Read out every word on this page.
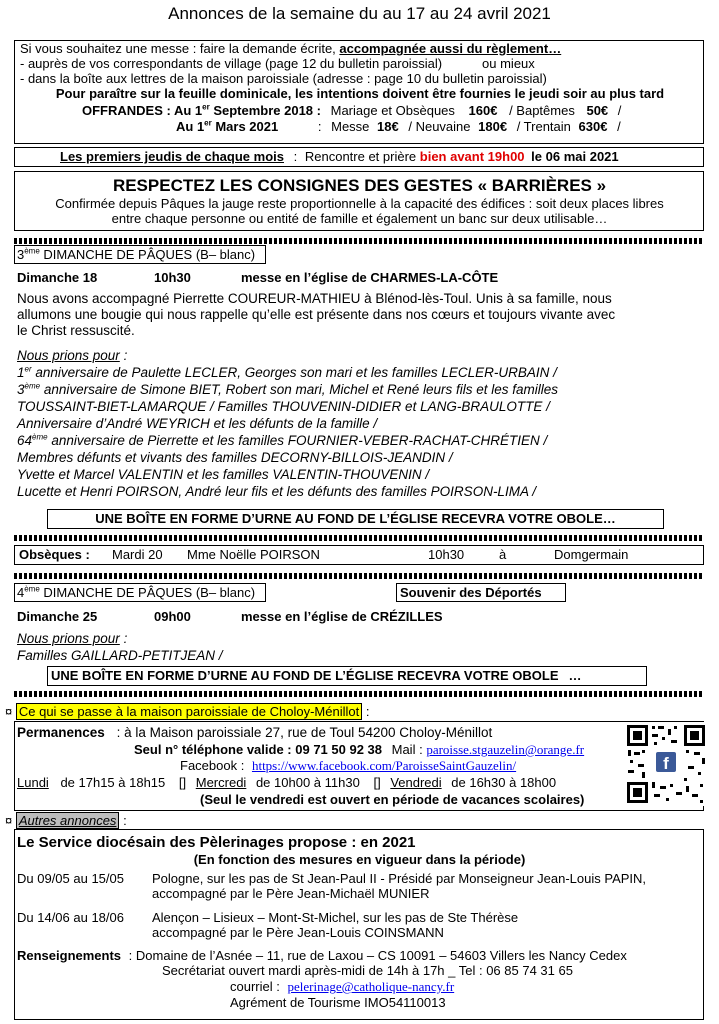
Annonces de la semaine du au 17 au 24 avril 2021
Si vous souhaitez une messe : faire la demande écrite, accompagnée aussi du règlement…
- auprès de vos correspondants de village (page 12 du bulletin paroissial)	ou mieux
- dans la boîte aux lettres de la maison paroissiale (adresse : page 10 du bulletin paroissial)
Pour paraître sur la feuille dominicale, les intentions doivent être fournies le jeudi soir au plus tard
OFFRANDES : Au 1er Septembre 2018 : Mariage et Obsèques 160€ / Baptêmes 50€ /
Au 1er Mars 2021	: Messe 18€ / Neuvaine 180€ / Trentain 630€ /
Les premiers jeudis de chaque mois : Rencontre et prière bien avant 19h00 le 06 mai 2021
RESPECTEZ LES CONSIGNES DES GESTES « BARRIÈRES »
Confirmée depuis Pâques la jauge reste proportionnelle à la capacité des édifices : soit deux places libres
entre chaque personne ou entité de famille et également un banc sur deux utilisable…
3ème DIMANCHE DE PÂQUES (B– blanc)
Dimanche 18	10h30	messe en l’église de CHARMES-LA-CÔTE
Nous avons accompagné Pierrette COUREUR-MATHIEU à Blénod-lès-Toul. Unis à sa famille, nous
allumons une bougie qui nous rappelle qu’elle est présente dans nos cœurs et toujours vivante avec
le Christ ressuscité.
Nous prions pour :
1er anniversaire de Paulette LECLER, Georges son mari et les familles LECLER-URBAIN /
3ème anniversaire de Simone BIET, Robert son mari, Michel et René leurs fils et les familles
TOUSSAINT-BIET-LAMARQUE / Familles THOUVENIN-DIDIER et LANG-BRAULOTTE /
Anniversaire d’André WEYRICH et les défunts de la famille /
64ème anniversaire de Pierrette et les familles FOURNIER-VEBER-RACHAT-CHRÉTIEN /
Membres défunts et vivants des familles DECORNY-BILLOIS-JEANDIN /
Yvette et Marcel VALENTIN et les familles VALENTIN-THOUVENIN /
Lucette et Henri POIRSON, André leur fils et les défunts des familles POIRSON-LIMA /
UNE BOÎTE EN FORME D’URNE AU FOND DE L’ÉGLISE RECEVRA VOTRE OBOLE…
Obsèques : Mardi 20 Mme Noëlle POIRSON	10h30	à	Domgermain
4ème DIMANCHE DE PÂQUES (B– blanc)	Souvenir des Déportés
Dimanche 25	09h00	messe en l’église de CRÉZILLES
Nous prions pour :
Familles GAILLARD-PETITJEAN /
UNE BOÎTE EN FORME D’URNE AU FOND DE L’ÉGLISE RECEVRA VOTRE OBOLE …
¤ Ce qui se passe à la maison paroissiale de Choloy-Ménillot :
Permanences : à la Maison paroissiale 27, rue de Toul 54200 Choloy-Ménillot
Seul n° téléphone valide : 09 71 50 92 38 Mail : paroisse.stgauzelin@orange.fr
Facebook : https://www.facebook.com/ParoisseSaintGauzelin/
Lundi de 17h15 à 18h15 [] Mercredi de 10h00 à 11h30 [] Vendredi de 16h30 à 18h00
(Seul le vendredi est ouvert en période de vacances scolaires)
f
¤ Autres annonces :
Le Service diocésain des Pèlerinages propose : en 2021
(En fonction des mesures en vigueur dans la période)
Du 09/05 au 15/05	Pologne, sur les pas de St Jean-Paul II - Présidé par Monseigneur Jean-Louis PAPIN,
accompagné par le Père Jean-Michaël MUNIER
Du 14/06 au 18/06	Alençon – Lisieux – Mont-St-Michel, sur les pas de Ste Thérèse
accompagné par le Père Jean-Louis COINSMANN
Renseignements : Domaine de l’Asnée – 11, rue de Laxou – CS 10091 – 54603 Villers les Nancy Cedex
Secrétariat ouvert mardi après-midi de 14h à 17h _ Tel : 06 85 74 31 65
courriel : pelerinage@catholique-nancy.fr
Agrément de Tourisme IMO54110013
